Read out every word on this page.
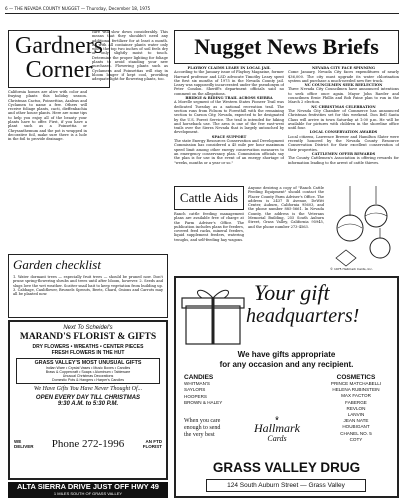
6 — THE NEVADA COUNTY NUGGET — Thursday, December 18, 1975
Gardners
Corner
California homes are alive with color and fraying plants this holiday season. Christmas Cactus, Poinsettias, Azaleas and Cyclamen to name a few. Others will receive foliage plants, cacti, dieffenbachia and other house plants. Here are some tips to help you enjoy all of the beauty your plants have to offer. First, if you have a plant such as a Poinsettia or Chrysanthemum and the pot is wrapped in decorative foil, make sure there is a hole in the foil to provide drainage.
care will slow down considerably. This means that they shouldn't need any additional fertilizer for at least a month. As with all container plants water only when the top two inches of soil feels dry or only slightly moist to touch. Determine the proper lighting for foliage plants to avoid standing your new purchases. Flowering plants such as Cyclamens and Poinsettias will stay in bloom longer if kept cool, providing adequate light for flowering plants, too.
Garden checklist
1. Water dormant trees — especially fruit trees — should be pruned now. Don't prune spring-flowering shrubs and trees until after bloom, however. 2. Seeds and slugs love the wet weather. Scatter snail bait to keep vegetation from building up. 3. Cabbage, Cauliflower, Brussels Sprouts, Beets, Chard, Onions and Carrots may all be planted now.
Next To Scheidel's
MARAND'S FLORIST & GIFTS
DRY FLOWERS • WREATHS • CENTER PIECES
FRESH FLOWERS IN THE HUT
GRASS VALLEY'S MOST UNUSUAL GIFTS
Indian Ware • Crystal Vases • Music Boxes • Candles
Brass & Coppercraft • Soaps • Aluminum • Tableware
Unusual Christmas Decorations
Domestic Pots & Hangers • Harper's Candles
We Have Gifts You Have Never Thought Of...
OPEN EVERY DAY TILL CHRISTMAS
9:30 A.M. to 5:30 P.M.
WE DELIVER	Phone 272-1996	AN FTD FLORIST
ALTA SIERRA DRIVE JUST OFF HWY 49
1 MILES SOUTH OF GRASS VALLEY
Nugget News Briefs
PLAYBOY CLAIMS LEARY IN LOCAL JAIL
According to the January issue of Playboy Magazine, former Harvard professor and LSD advocate Timothy Leary spent the first six months of 1975 in the Nevada County jail. Leary was supposedly incarcerated under the pseudonym of Peter Condon. Sheriff's department officials said no comment on the allegations.
BRIDGE & RIDING TRAIL ACROSS SIERRA
A Morelle segment of the Western States Pioneer Trail was dedicated Tuesday as a national recreation trail. The section runs from Folsom to Foresthill with the remaining section to Carson City, Nevada, expected to be designated by the U.S. Forest Service. The trail is intended for hiking and horseback use. The area is one of the few east-west trails over the Sierra Nevada that is largely untouched by development.
SPACE SUPPORT
The state Energy Resources Conservation and Development Commission has considered a 45 mile per hour maximum speed limit among other energy conservation measures to an emergency conservancy plan. Commission officials say the plan is for use in the event of an energy shortage of "weeks, months or a year or so."
NEVADA CITY FACE SPINNING
Come January, Nevada City faces expenditures of nearly $36,000. The city must upgrade its water chlorination system and purchase a much-needed new fire truck.
NC COUNCILMEN SEEK REELECTION
Three Nevada City Councilmen have announced intentions to seek office once again. Mayor John Raeder and councilmen Ernie Phillis and Bob Paine plan to run in the March 2 election.
NC CHRISTMAS CELEBRATION
The Nevada City Chamber of Commerce has announced Christmas festivities set for this weekend. Don Bell Santa Claus will arrive in town Saturday at 1:00 p.m. He will be available for pictures with children in the shoreline office until four.
LOCAL CONSERVATION AWARDS
Local citizens, Lawrence Brewer and Hamilton Slater were recently honored by the Nevada County Resource Conservation District for their excellent conservation of their properties.
CATTLEMEN OFFER REWARDS
The County Cattlemen's Association is offering rewards for information leading to the arrest of cattle thieves.
Cattle Aids
Ranch cattle feeding management plans are available free of charge at the Farm Adviser's Office. The publication includes plans for feeders, covered feed racks, mineral feeders, liquid supplement feeders, watering troughs, and self-feeding hay wagons.
Anyone desiring a copy of "Ranch Cattle Feeding Equipment" should contact the Placer County Farm Adviser's Office. The address is 2437 B Avenue, DeWitt Center, Auburn, California 95603, and the phone number 885-5661. In Nevada County, the address is the Veterans Memorial Building, 255 South Auburn Street, Grass Valley, California 95945, and the phone number 273-4563.
© 1975 Hallmark Cards, Inc.
Your gift
headquarters!
We have gifts appropriate
for any occasion and any recipient.
CANDIES
WHITMAN'S
SAYLORS
HOOPERS
BROWN & HALEY
When you care
enough to send
the very best
♛
Hallmark
Cards
COSMETICS
PRINCE MATCHABELLI
HELENA RUBINSTEIN
MAX FACTOR
FABERGE
REVLON
LANVIN
JEAN NATE
HOUBIGANT
CHANEL NO. 5
COTY
GRASS VALLEY DRUG
124 South Auburn Street — Grass Valley
